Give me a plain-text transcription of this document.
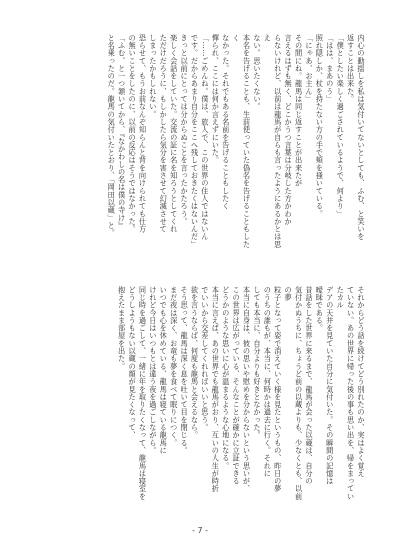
内心の動揺しを私は気付いてないとしても、ふむ、と笑いを
返すことは出来た。
「僕としたい楽しく過ごされているようで、何より」
「はは、まあのう」
照れ隠しか、杖を持たない方の手で頬を掻いている。
「にゃあ、お主ん」
その間にね。龍馬は同じ返すことが出来たが
言えるはずも無く、どこかうつ言葉は分岐した方かわか
らないけれど、以前は龍馬が自らも言ったようにあるかとは思え
ない。思いたくない。
本名を告げることも、生前使っていた偽名を告げることもしたく
なかった。それでもある名前を告げることもしたく
憚られ、ここには何か言えずにいた。
「……ごめんね。僕は、旅人で、この世界の住人ではないん
です。だからあまり自分をここへ残しておきたくはないんだ」
きっと以前にとっては分からぬことを言ったかたろう。
楽しく会話をしていた。交流の証に名を知ろうとしてくれ
ただけだろうに、もしかしたら気分を害させて幻滅させて
しまったかもしれない。
恐らせて、もうお前なんぞ知らんと背を向けられても仕方
の無いことをしたのに、以前の反応はそうではなかった。
「ふむ、と一つ頷いてから、『なかわしの名は僕の寺け』
と名乗ったのだ。龍馬の気付いたとおり、「岡田以蔵」と。
それからどう話を続けてどう別れたのか、実はよく覚え
ていない。あの世界に帰った後の事も思い出を、帰をまっていたカル
デアの天井を見ていた自分に気付いた。その瞬間の記憶は
曖昧である。
昔話をした世界に来るまで、龍馬が会った以蔵は、自分の
気付かぬうちに、ちょうど前の以蔵よりも、少なくとも、以前の夢
粒子となって姿で消えていく様を見たというもの、昨日の夢
のうちの誰もが、本当に、何時かは過去に行く。それに
しても本当に、自分よりも好きとなかった。
本当に自身は、彼の思いや慰めを分からないという思いが、
この世界は広がっている、そんなことが確かに立証できる
どうかのような思いに心が温まるような心地になる。
本当に言えば、あの世界でも龍馬がおり、互いの人生が時折
でいいから交差してくれればいいと思う。
欲を言うならば、何度も龍馬と会えるなら。
そう思って、龍馬は深く息を吐いて目を閉じる。
まだ夜は深く、お竜も夢を食べて眠りにつく。
いつでも心を休めている、龍馬は寝ている龍馬に
けれど今日はいつもとは違う夜を過ごしながら。
同じ時を過ごして、一緒に年を取りたくなって、龍馬は寝室を
どうしようもない以蔵の顔が見たくなって、
抱えたまま部屋を出た。
- 7 -
